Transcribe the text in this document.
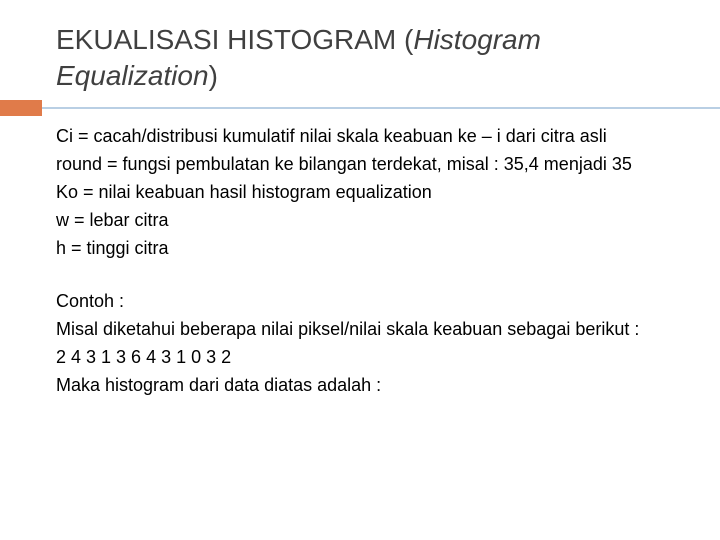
EKUALISASI HISTOGRAM (Histogram Equalization)

Ci = cacah/distribusi kumulatif nilai skala keabuan ke – i dari citra asli

round = fungsi pembulatan ke bilangan terdekat, misal : 35,4 menjadi 35

Ko = nilai keabuan hasil histogram equalization

w = lebar citra

h = tinggi citra

Contoh :

Misal diketahui beberapa nilai piksel/nilai skala keabuan sebagai berikut :

2 4 3 1 3 6 4 3 1 0 3 2

Maka histogram dari data diatas adalah :
